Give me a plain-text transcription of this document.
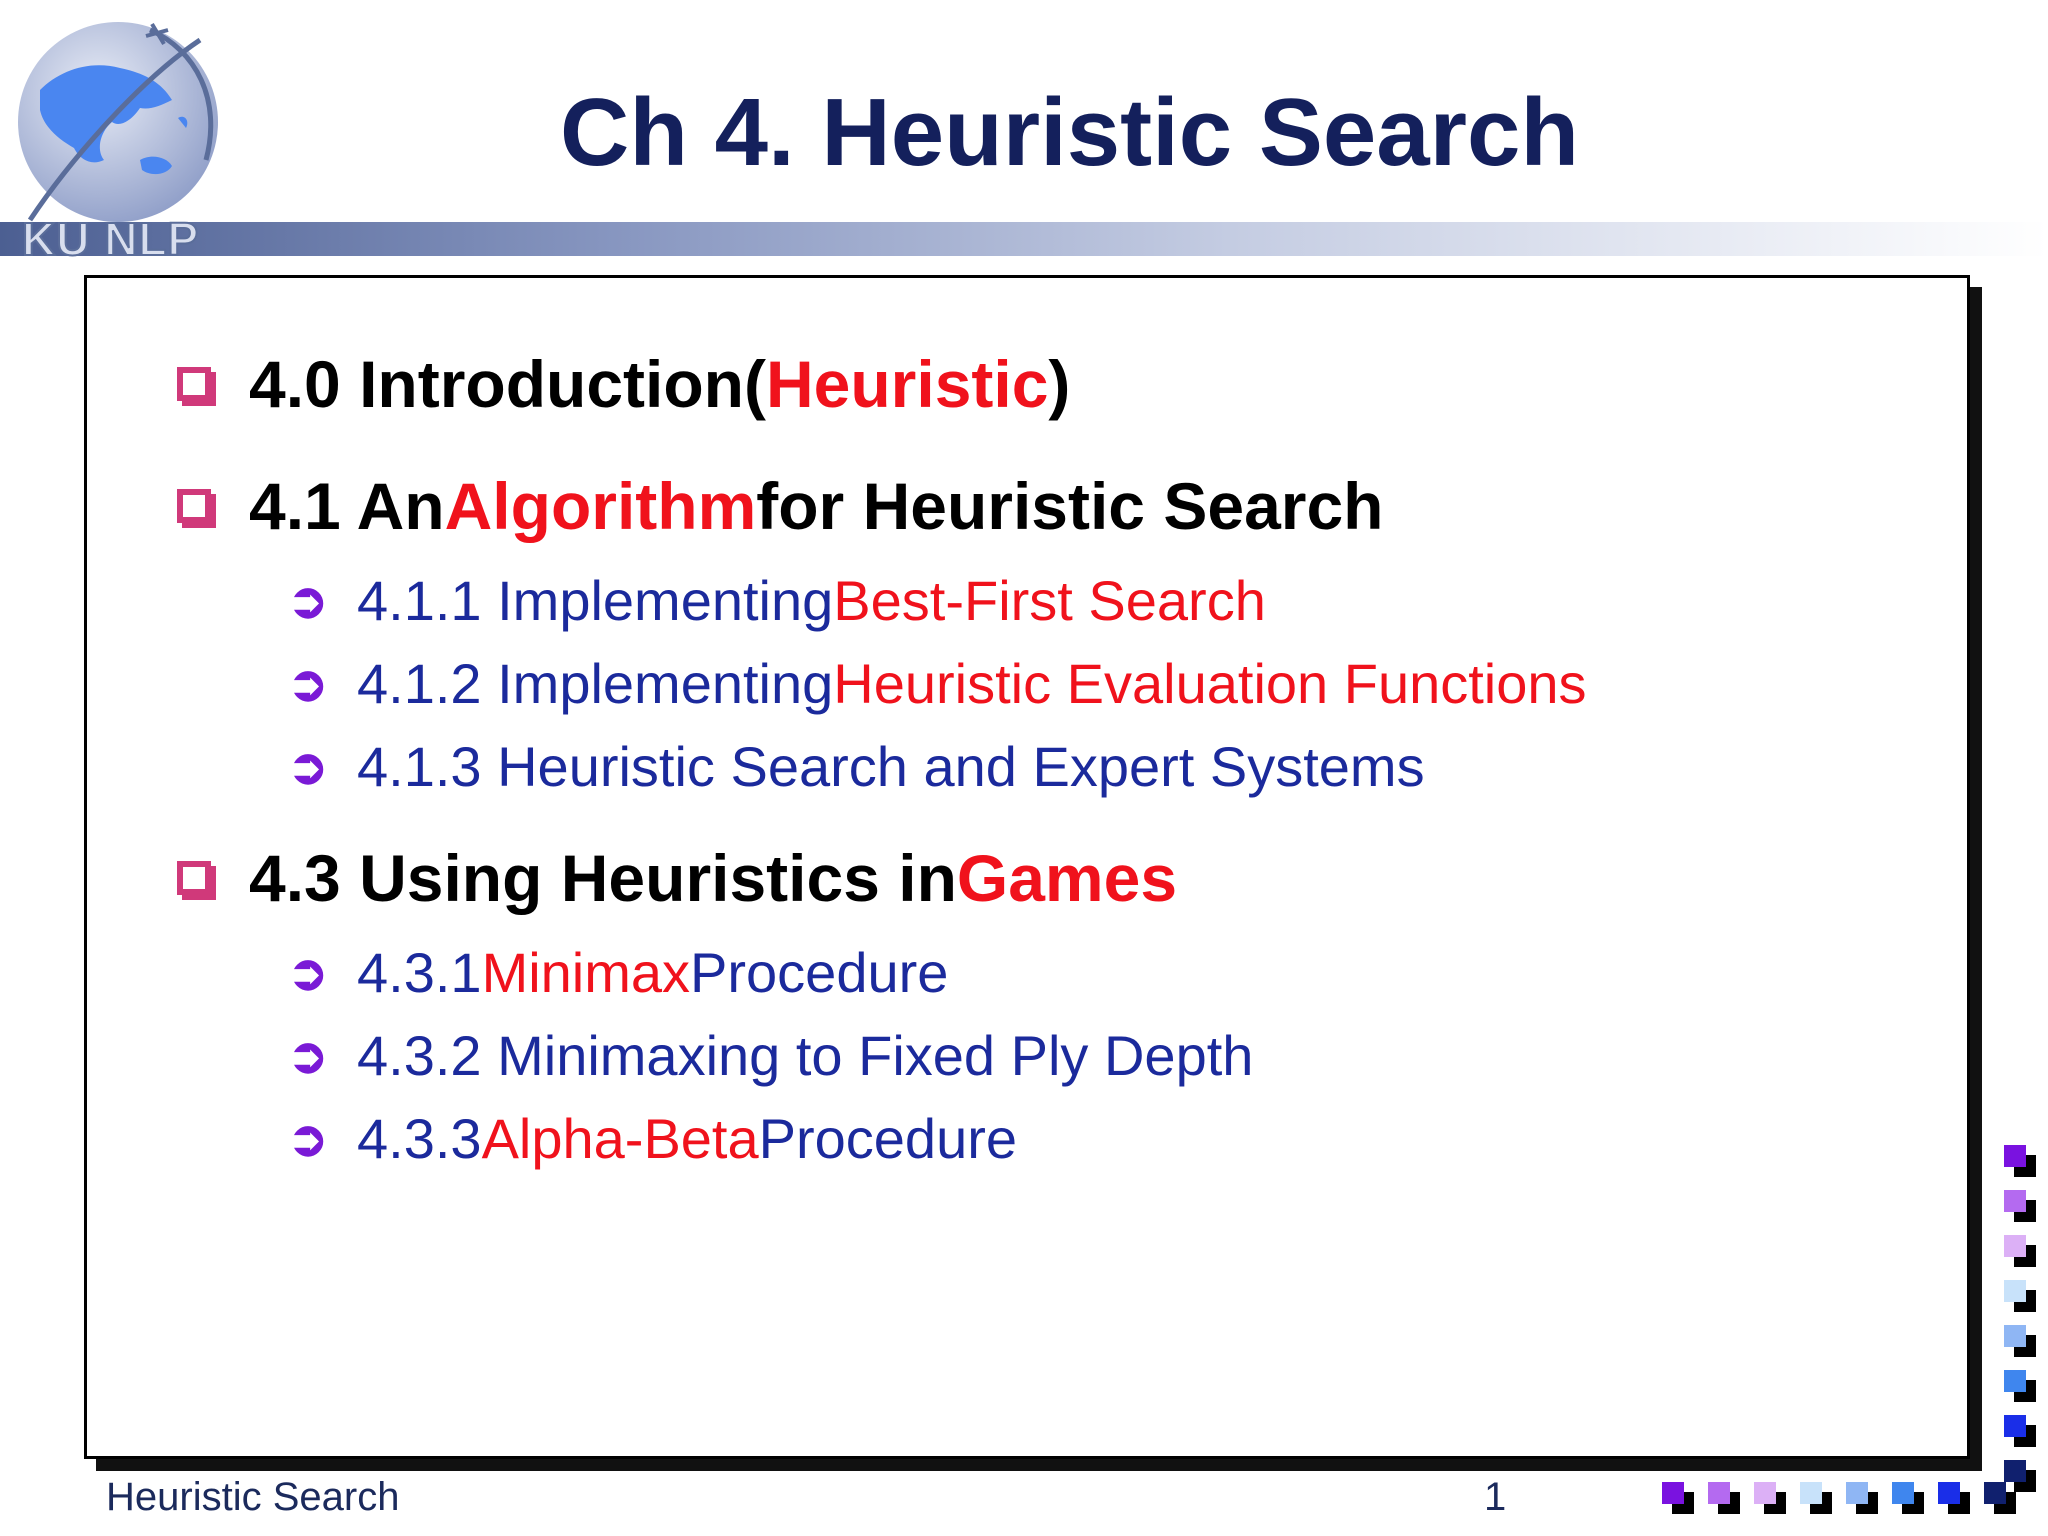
KU NLP
Ch 4. Heuristic Search
4.0 Introduction( Heuristic )
4.1 An Algorithm for Heuristic Search
➲ 4.1.1 Implementing Best-First Search
➲ 4.1.2 Implementing Heuristic Evaluation Functions
➲ 4.1.3 Heuristic Search and Expert Systems
4.3 Using Heuristics in Games
➲ 4.3.1 Minimax Procedure
➲ 4.3.2 Minimaxing to Fixed Ply Depth
➲ 4.3.3 Alpha-Beta Procedure
Heuristic Search	1
